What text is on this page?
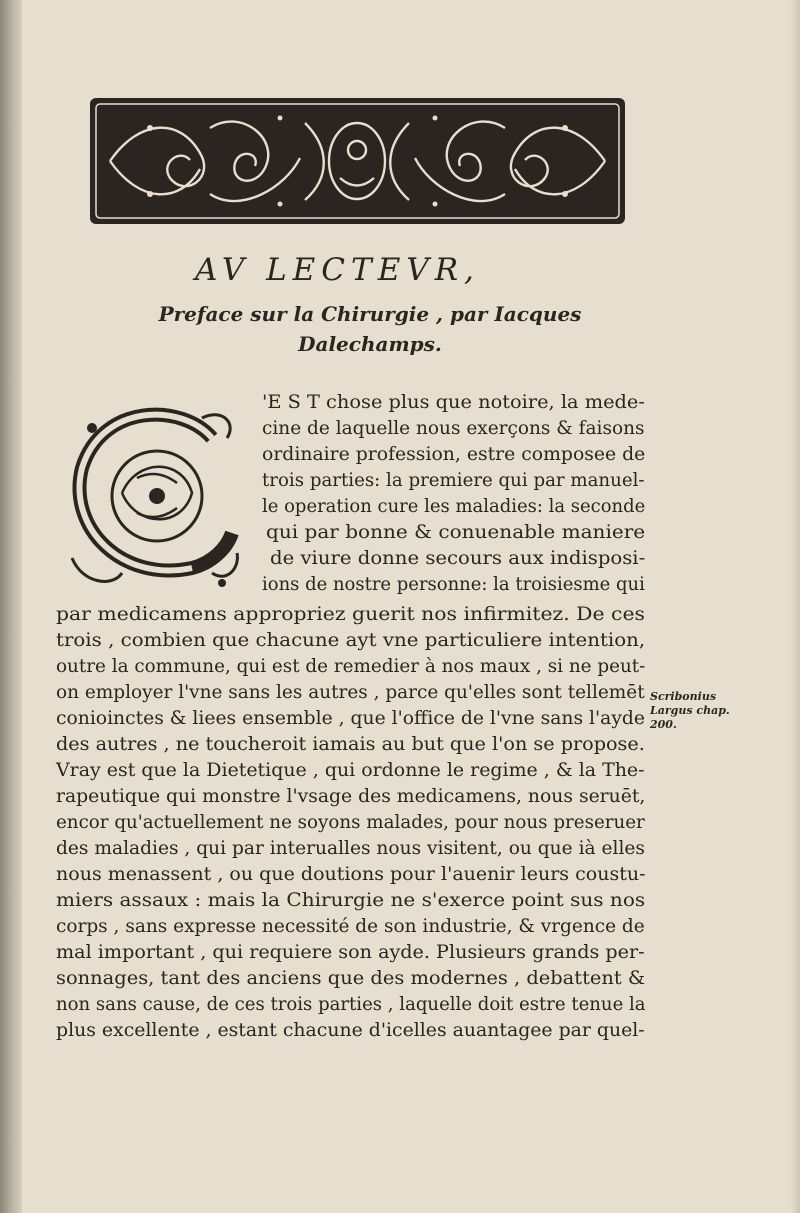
AV LECTEVR,
Preface sur la Chirurgie , par Iacques
Dalechamps.
'E S T chose plus que notoire, la mede-
cine de laquelle nous exerçons & faisons
ordinaire profession, estre composee de
trois parties: la premiere qui par manuel-
le operation cure les maladies: la seconde
qui par bonne & conuenable maniere
de viure donne secours aux indisposi-
ions de nostre personne: la troisiesme qui
par medicamens appropriez guerit nos infirmitez. De ces
trois , combien que chacune ayt vne particuliere intention,
outre la commune, qui est de remedier à nos maux , si ne peut-
on employer l'vne sans les autres , parce qu'elles sont tellemēt
conioinctes & liees ensemble , que l'office de l'vne sans l'ayde
des autres , ne toucheroit iamais au but que l'on se propose.
Vray est que la Dietetique , qui ordonne le regime , & la The-
rapeutique qui monstre l'vsage des medicamens, nous seruēt,
encor qu'actuellement ne soyons malades, pour nous preseruer
des maladies , qui par interualles nous visitent, ou que ià elles
nous menassent , ou que doutions pour l'auenir leurs coustu-
miers assaux : mais la Chirurgie ne s'exerce point sus nos
corps , sans expresse necessité de son industrie, & vrgence de
mal important , qui requiere son ayde. Plusieurs grands per-
sonnages, tant des anciens que des modernes , debattent &
non sans cause, de ces trois parties , laquelle doit estre tenue la
plus excellente , estant chacune d'icelles auantagee par quel-
Scribonius
Largus chap.
200.
